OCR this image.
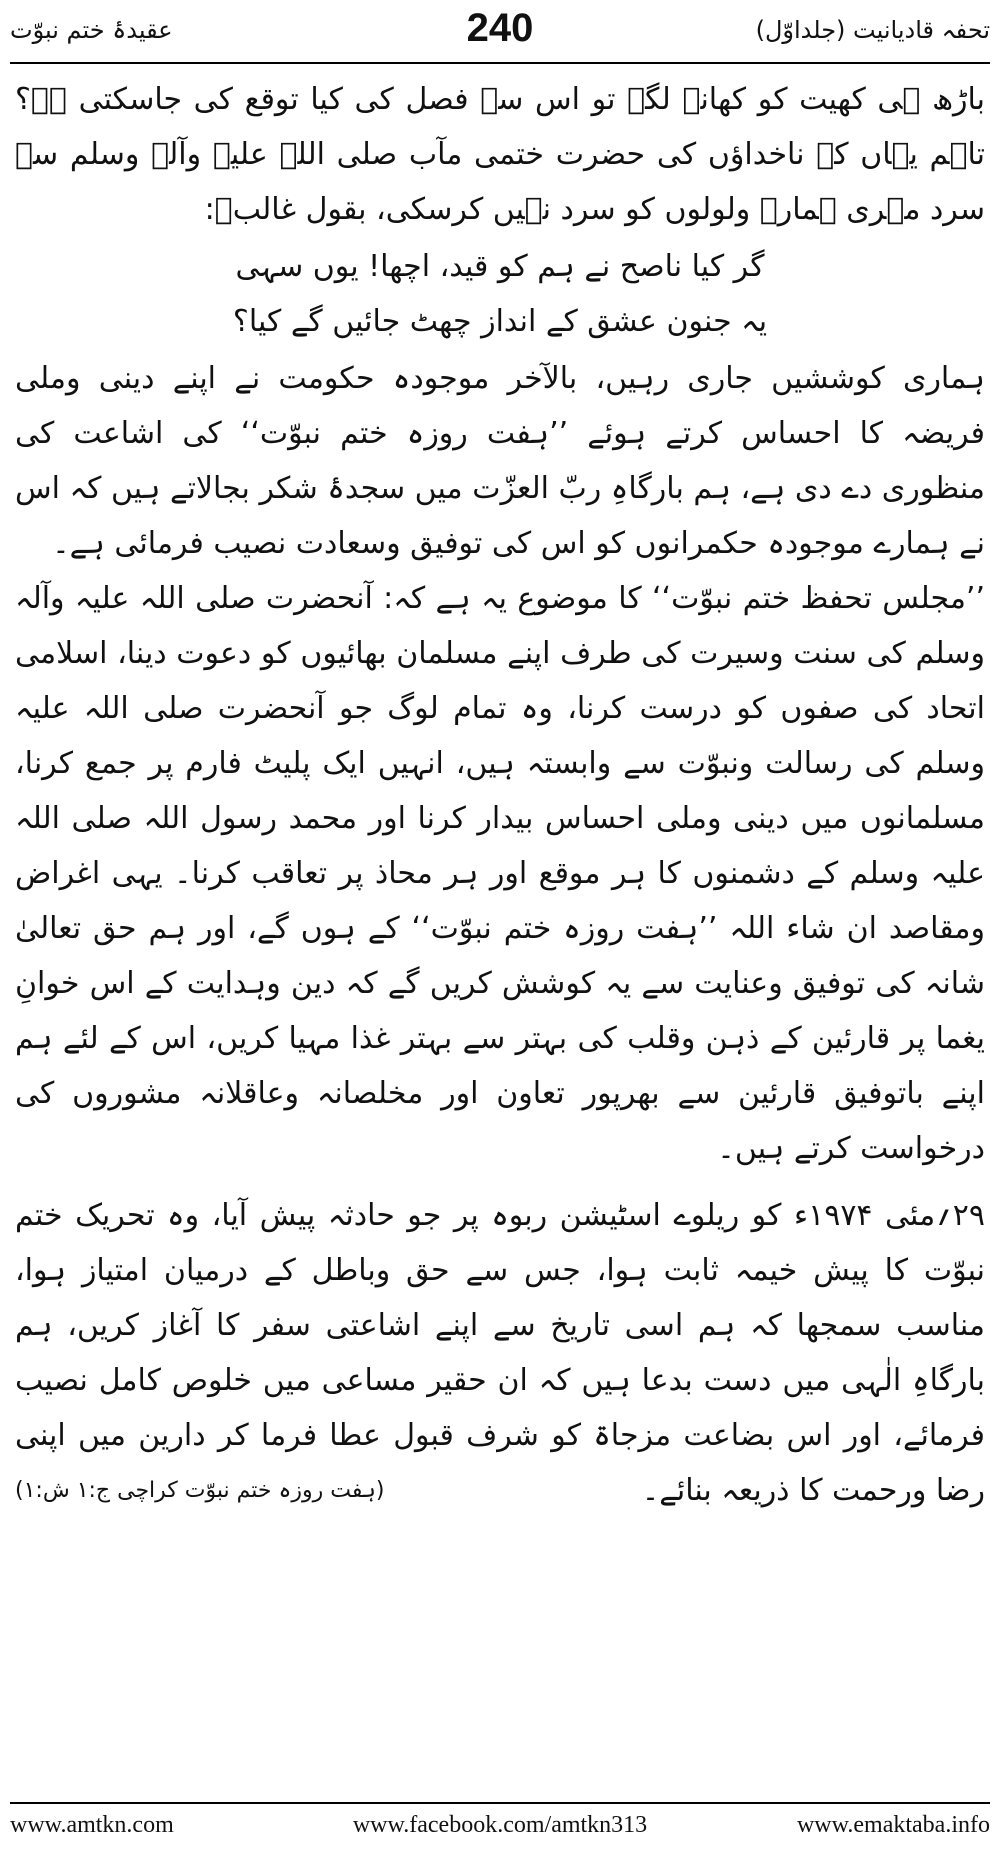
تحفہ قادیانیت (جلداوّل)
240
عقیدۂ ختم نبوّت

باڑھ ہی کھیت کو کھانے لگے تو اس سے فصل کی کیا توقع کی جاسکتی ہے؟ تاہم یہاں کے ناخداؤں کی حضرت ختمی مآب صلی اللہ علیہ وآلہ وسلم سے سرد مہری ہمارے ولولوں کو سرد نہیں کرسکی، بقول غالبؔ:

گر کیا ناصح نے ہم کو قید، اچھا! یوں سہی
یہ جنون عشق کے انداز چھٹ جائیں گے کیا؟

ہماری کوششیں جاری رہیں، بالآخر موجودہ حکومت نے اپنے دینی وملی فریضہ کا احساس کرتے ہوئے ’’ہفت روزہ ختم نبوّت‘‘ کی اشاعت کی منظوری دے دی ہے، ہم بارگاہِ ربّ العزّت میں سجدۂ شکر بجالاتے ہیں کہ اس نے ہمارے موجودہ حکمرانوں کو اس کی توفیق وسعادت نصیب فرمائی ہے۔

’’مجلس تحفظ ختم نبوّت‘‘ کا موضوع یہ ہے کہ: آنحضرت صلی اللہ علیہ وآلہ وسلم کی سنت وسیرت کی طرف اپنے مسلمان بھائیوں کو دعوت دینا، اسلامی اتحاد کی صفوں کو درست کرنا، وہ تمام لوگ جو آنحضرت صلی اللہ علیہ وسلم کی رسالت ونبوّت سے وابستہ ہیں، انہیں ایک پلیٹ فارم پر جمع کرنا، مسلمانوں میں دینی وملی احساس بیدار کرنا اور محمد رسول اللہ صلی اللہ علیہ وسلم کے دشمنوں کا ہر موقع اور ہر محاذ پر تعاقب کرنا۔ یہی اغراض ومقاصد ان شاء اللہ ’’ہفت روزہ ختم نبوّت‘‘ کے ہوں گے، اور ہم حق تعالیٰ شانہ کی توفیق وعنایت سے یہ کوشش کریں گے کہ دین وہدایت کے اس خوانِ یغما پر قارئین کے ذہن وقلب کی بہتر سے بہتر غذا مہیا کریں، اس کے لئے ہم اپنے باتوفیق قارئین سے بھرپور تعاون اور مخلصانہ وعاقلانہ مشوروں کی درخواست کرتے ہیں۔

۲۹؍مئی ۱۹۷۴ء کو ریلوے اسٹیشن ربوہ پر جو حادثہ پیش آیا، وہ تحریک ختم نبوّت کا پیش خیمہ ثابت ہوا، جس سے حق وباطل کے درمیان امتیاز ہوا، مناسب سمجھا کہ ہم اسی تاریخ سے اپنے اشاعتی سفر کا آغاز کریں، ہم بارگاہِ الٰہی میں دست بدعا ہیں کہ ان حقیر مساعی میں خلوص کامل نصیب فرمائے، اور اس بضاعت مزجاۃ کو شرف قبول عطا فرما کر دارین میں اپنی رضا ورحمت کا ذریعہ بنائے۔
(ہفت روزہ ختم نبوّت کراچی ج:۱ ش:۱)

www.amtkn.com	www.facebook.com/amtkn313	www.emaktaba.info
